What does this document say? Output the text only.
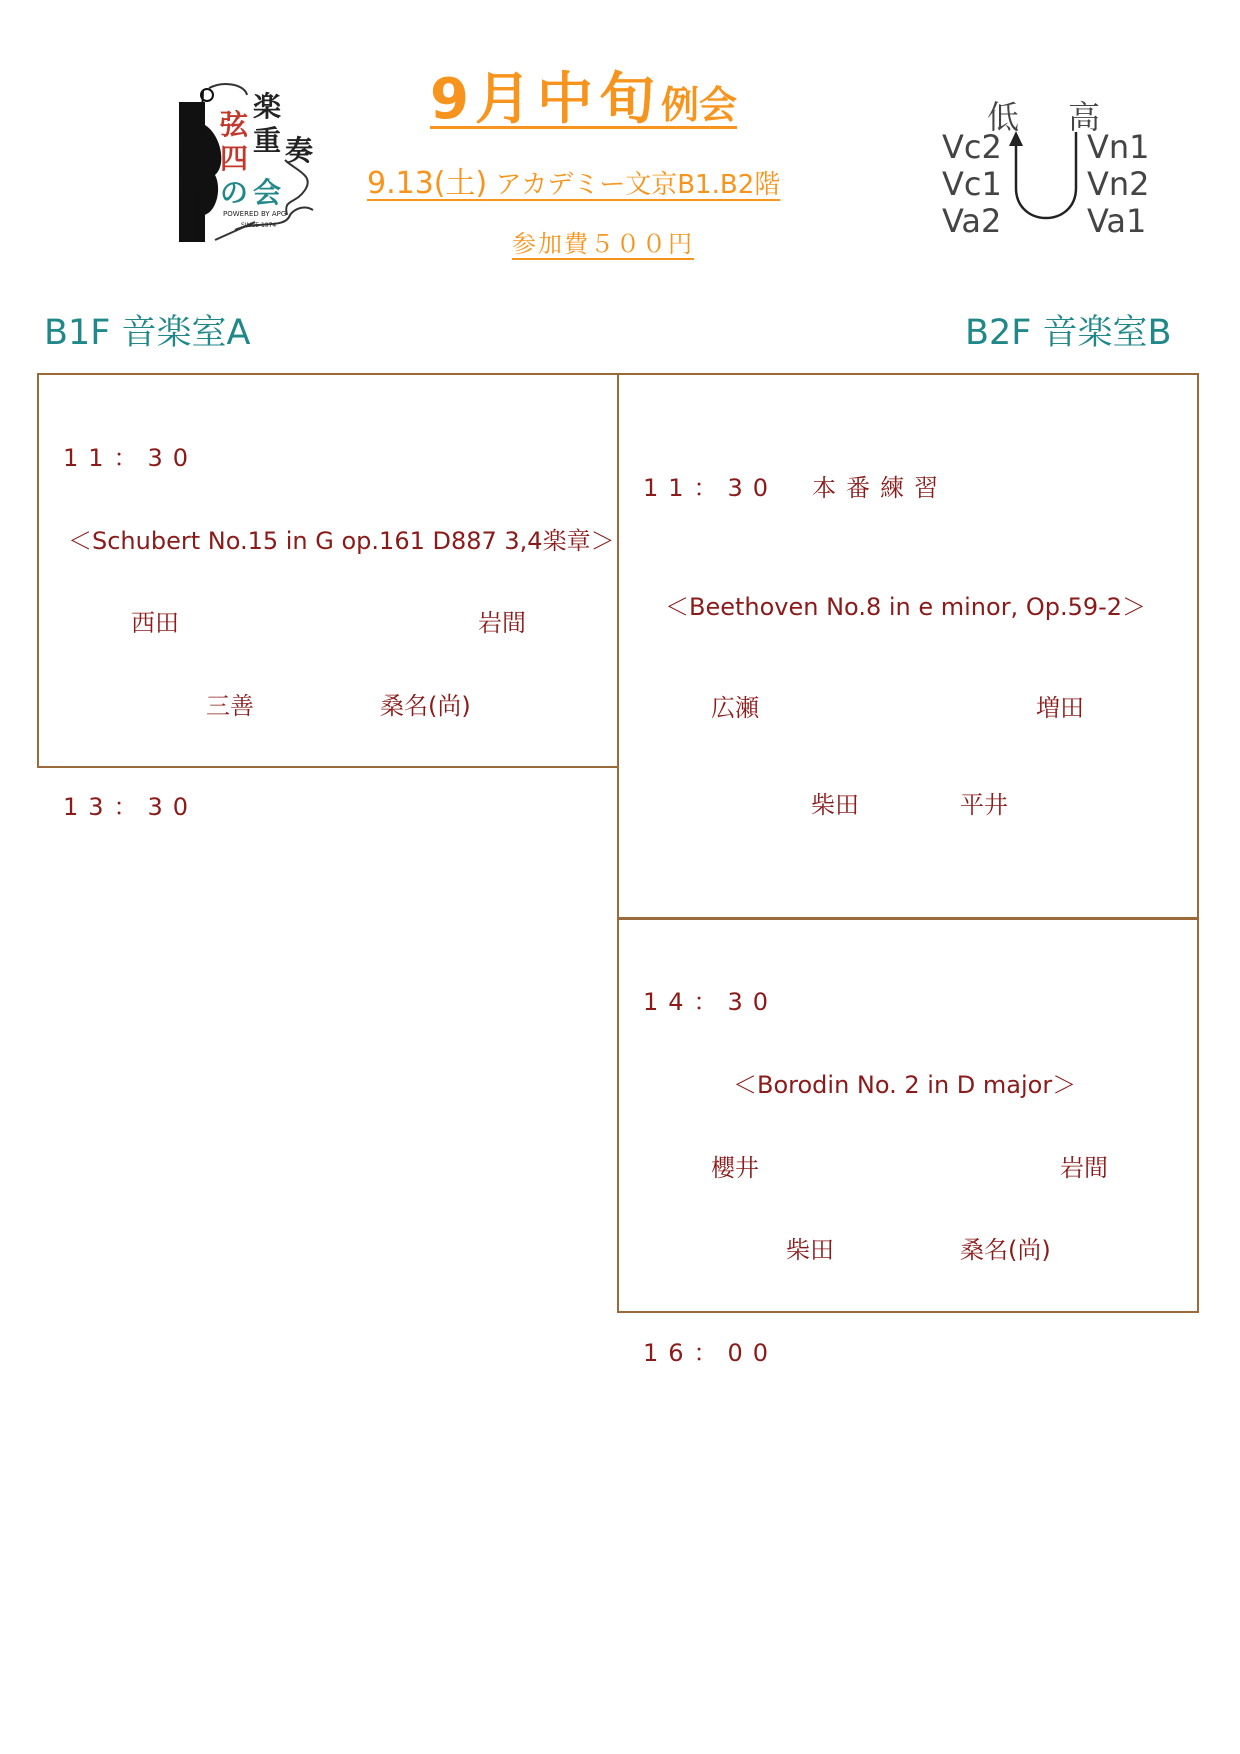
弦
楽
四
重 奏
の 会
POWERED BY APG
SINCE 1974
9月中旬例会
9.13(土) アカデミー文京B1.B2階
参加費５００円
低 高
Vc2
Vc1
Va2
Vn1
Vn2
Va1
B1F 音楽室A	B2F 音楽室B
11：30
＜Schubert No.15 in G op.161 D887 3,4楽章＞
西田	岩間
三善	桑名(尚)
13：30
11：30　本番練習
＜Beethoven No.8 in e minor, Op.59-2＞
広瀬	増田
柴田	平井
14：30
＜Borodin No. 2 in D major＞
櫻井	岩間
柴田	桑名(尚)
16：00
